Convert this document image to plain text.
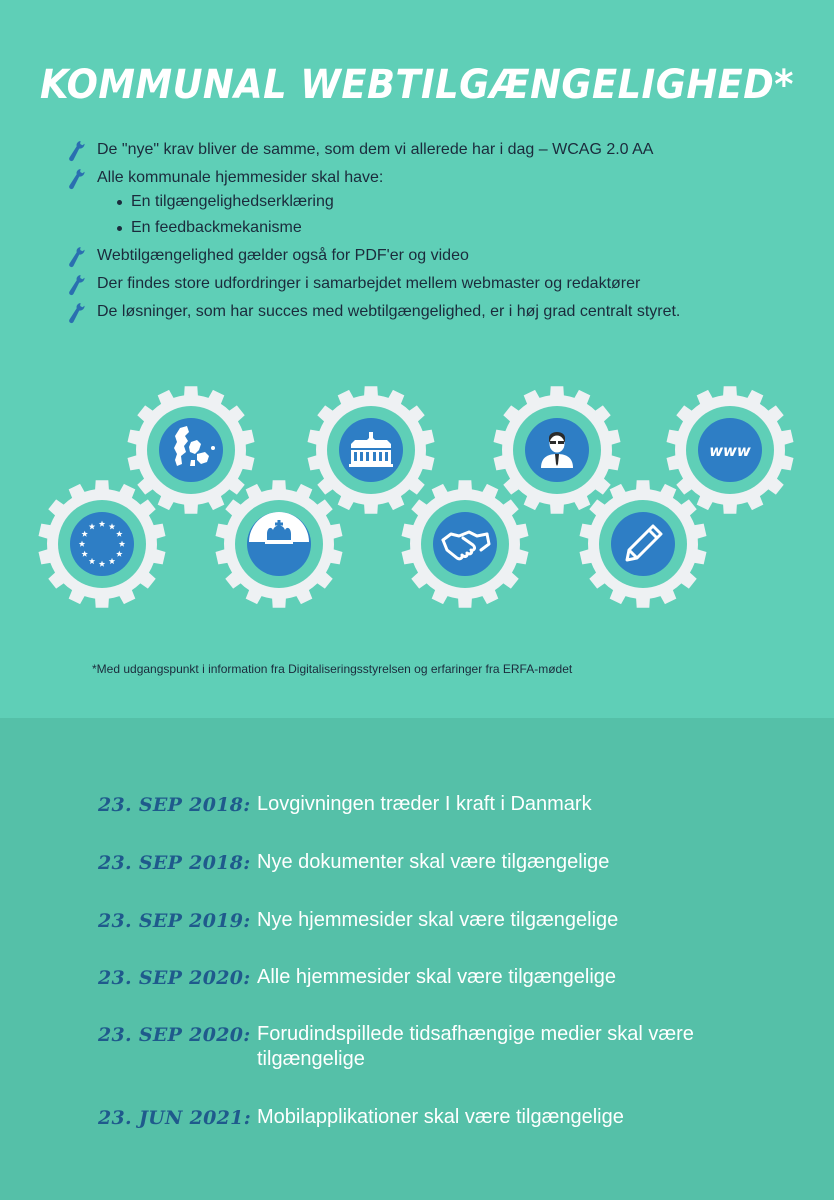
KOMMUNAL WEBTILGÆNGELIGHED*
De "nye" krav bliver de samme, som dem vi allerede har i dag – WCAG 2.0 AA
Alle kommunale hjemmesider skal have:
En tilgængelighedserklæring
En feedbackmekanisme
Webtilgængelighed gælder også for PDF'er og video
Der findes store udfordringer i samarbejdet mellem webmaster og redaktører
De løsninger, som har succes med webtilgængelighed, er i høj grad centralt styret.
www
*Med udgangspunkt i information fra Digitaliseringsstyrelsen og erfaringer fra ERFA-mødet
23. SEP 2018: Lovgivningen træder I kraft i Danmark
23. SEP 2018: Nye dokumenter skal være tilgængelige
23. SEP 2019: Nye hjemmesider skal være tilgængelige
23. SEP 2020: Alle hjemmesider skal være tilgængelige
23. SEP 2020: Forudindspillede tidsafhængige medier skal være tilgængelige
23. JUN 2021: Mobilapplikationer skal være tilgængelige
